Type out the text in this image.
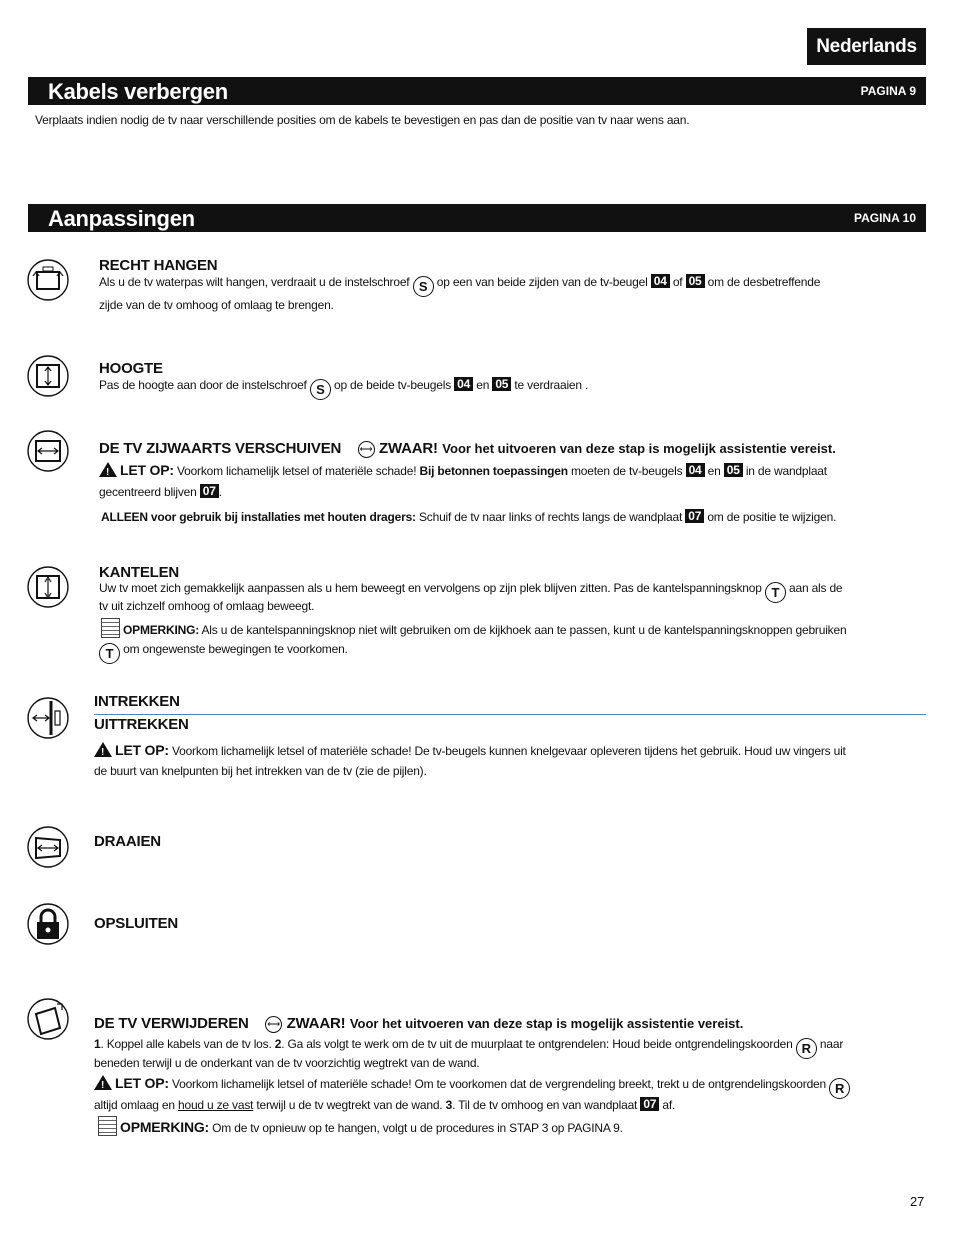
Nederlands
Kabels verbergen	PAGINA 9
Verplaats indien nodig de tv naar verschillende posities om de kabels te bevestigen en pas dan de positie van tv naar wens aan.
Aanpassingen	PAGINA 10
RECHT HANGEN
Als u de tv waterpas wilt hangen, verdraait u de instelschroef S op een van beide zijden van de tv-beugel 04 of 05 om de desbetreffende
zijde van de tv omhoog of omlaag te brengen.
HOOGTE
Pas de hoogte aan door de instelschroef S op de beide tv-beugels 04 en 05 te verdraaien .
DE TV ZIJWAARTS VERSCHUIVEN ⟷ ZWAAR! Voor het uitvoeren van deze stap is mogelijk assistentie vereist.
!LET OP: Voorkom lichamelijk letsel of materiële schade! Bij betonnen toepassingen moeten de tv-beugels 04 en 05 in de wandplaat
gecentreerd blijven 07 .
ALLEEN voor gebruik bij installaties met houten dragers: Schuif de tv naar links of rechts langs de wandplaat 07 om de positie te wijzigen.
KANTELEN
Uw tv moet zich gemakkelijk aanpassen als u hem beweegt en vervolgens op zijn plek blijven zitten. Pas de kantelspanningsknop T aan als de
tv uit zichzelf omhoog of omlaag beweegt.
OPMERKING: Als u de kantelspanningsknop niet wilt gebruiken om de kijkhoek aan te passen, kunt u de kantelspanningsknoppen gebruiken
T om ongewenste bewegingen te voorkomen.
INTREKKEN
UITTREKKEN
!LET OP: Voorkom lichamelijk letsel of materiële schade! De tv-beugels kunnen knelgevaar opleveren tijdens het gebruik. Houd uw vingers uit
de buurt van knelpunten bij het intrekken van de tv (zie de pijlen).
DRAAIEN
OPSLUITEN
DE TV VERWIJDEREN ⟷ ZWAAR! Voor het uitvoeren van deze stap is mogelijk assistentie vereist.
1. Koppel alle kabels van de tv los. 2. Ga als volgt te werk om de tv uit de muurplaat te ontgrendelen: Houd beide ontgrendelingskoorden R naar
beneden terwijl u de onderkant van de tv voorzichtig wegtrekt van de wand.
!LET OP: Voorkom lichamelijk letsel of materiële schade! Om te voorkomen dat de vergrendeling breekt, trekt u de ontgrendelingskoorden R
altijd omlaag en houd u ze vast terwijl u de tv wegtrekt van de wand. 3. Til de tv omhoog en van wandplaat 07 af.
OPMERKING: Om de tv opnieuw op te hangen, volgt u de procedures in STAP 3 op PAGINA 9.
27
